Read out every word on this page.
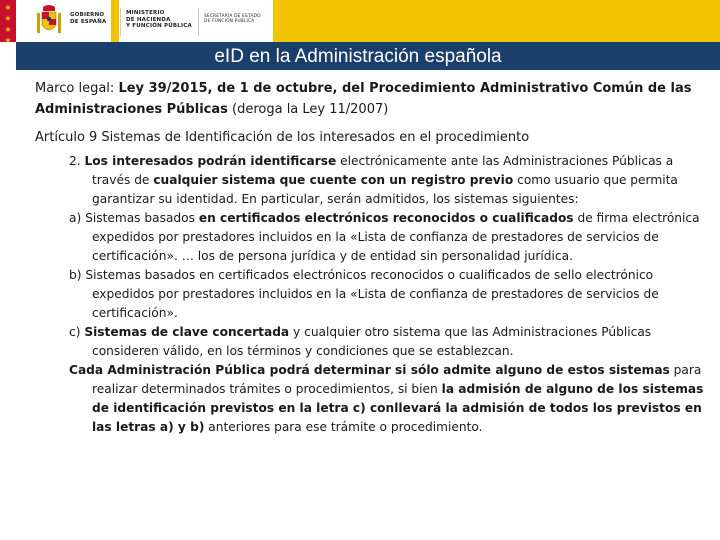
★
★
★
★
GOBIERNO
DE ESPAÑA
MINISTERIO
DE HACIENDA
Y FUNCIÓN PÚBLICA
SECRETARÍA DE ESTADO
DE FUNCIÓN PÚBLICA
eID en la Administración española

Marco legal: Ley 39/2015, de 1 de octubre, del Procedimiento Administrativo Común de las Administraciones Públicas (deroga la Ley 11/2007)

Artículo 9 Sistemas de Identificación de los interesados en el procedimiento

2. Los interesados podrán identificarse electrónicamente ante las Administraciones Públicas a través de cualquier sistema que cuente con un registro previo como usuario que permita garantizar su identidad. En particular, serán admitidos, los sistemas siguientes:

a) Sistemas basados en certificados electrónicos reconocidos o cualificados de firma electrónica expedidos por prestadores incluidos en la «Lista de confianza de prestadores de servicios de certificación». … los de persona jurídica y de entidad sin personalidad jurídica.

b) Sistemas basados en certificados electrónicos reconocidos o cualificados de sello electrónico expedidos por prestadores incluidos en la «Lista de confianza de prestadores de servicios de certificación».

c) Sistemas de clave concertada y cualquier otro sistema que las Administraciones Públicas consideren válido, en los términos y condiciones que se establezcan.

Cada Administración Pública podrá determinar si sólo admite alguno de estos sistemas para realizar determinados trámites o procedimientos, si bien la admisión de alguno de los sistemas de identificación previstos en la letra c) conllevará la admisión de todos los previstos en las letras a) y b) anteriores para ese trámite o procedimiento.
